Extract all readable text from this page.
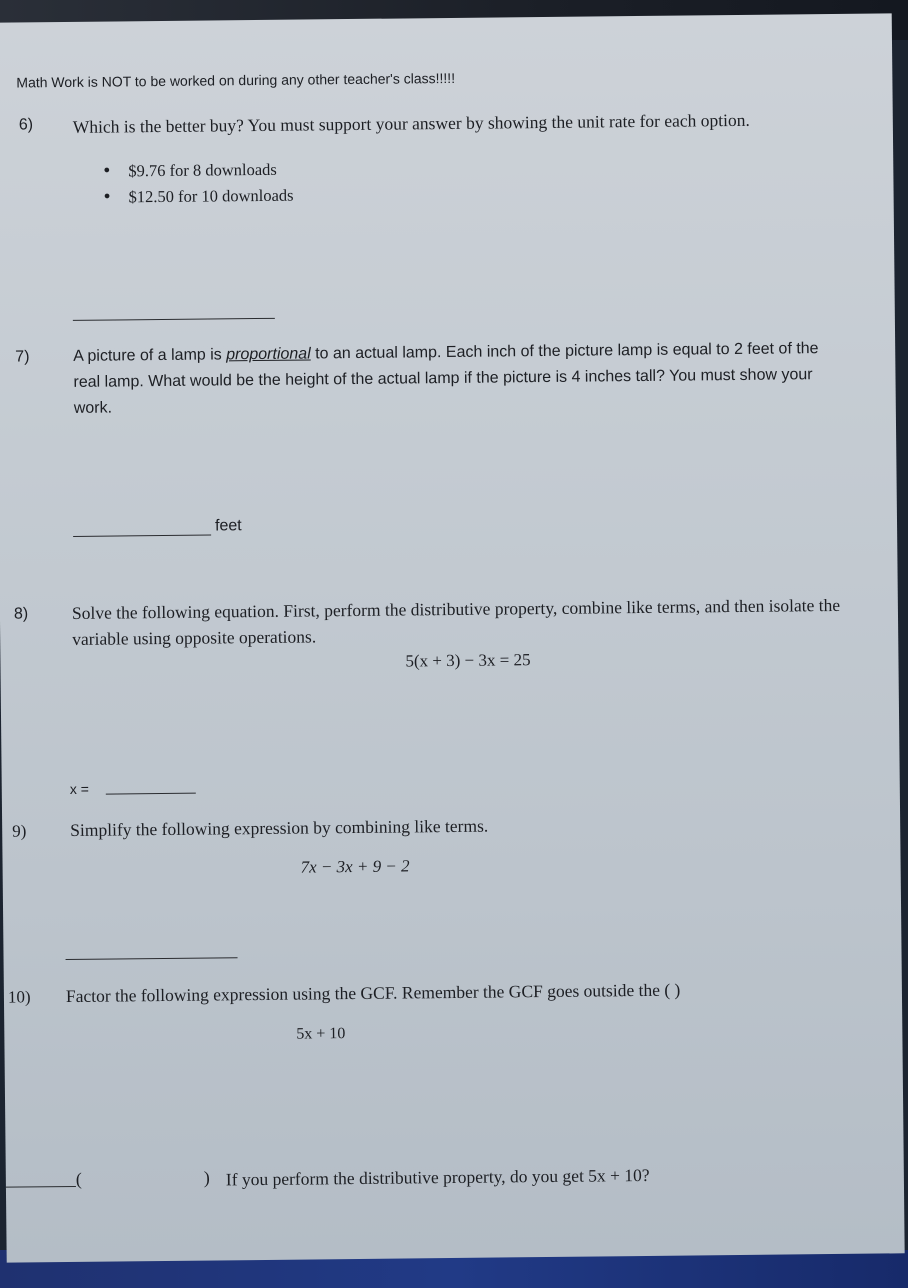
Math Work is NOT to be worked on during any other teacher's class!!!!!
6) Which is the better buy? You must support your answer by showing the unit rate for each option.
• $9.76 for 8 downloads
• $12.50 for 10 downloads
7)	A picture of a lamp is proportional to an actual lamp. Each inch of the picture lamp is equal to 2 feet of the real lamp. What would be the height of the actual lamp if the picture is 4 inches tall? You must show your work.
feet
8) Solve the following equation. First, perform the distributive property, combine like terms, and then isolate the variable using opposite operations.
5(x + 3) − 3x = 25
x =
9) Simplify the following expression by combining like terms.
7x − 3x + 9 − 2
10) Factor the following expression using the GCF. Remember the GCF goes outside the ( )
5x + 10
(	) If you perform the distributive property, do you get 5x + 10?
